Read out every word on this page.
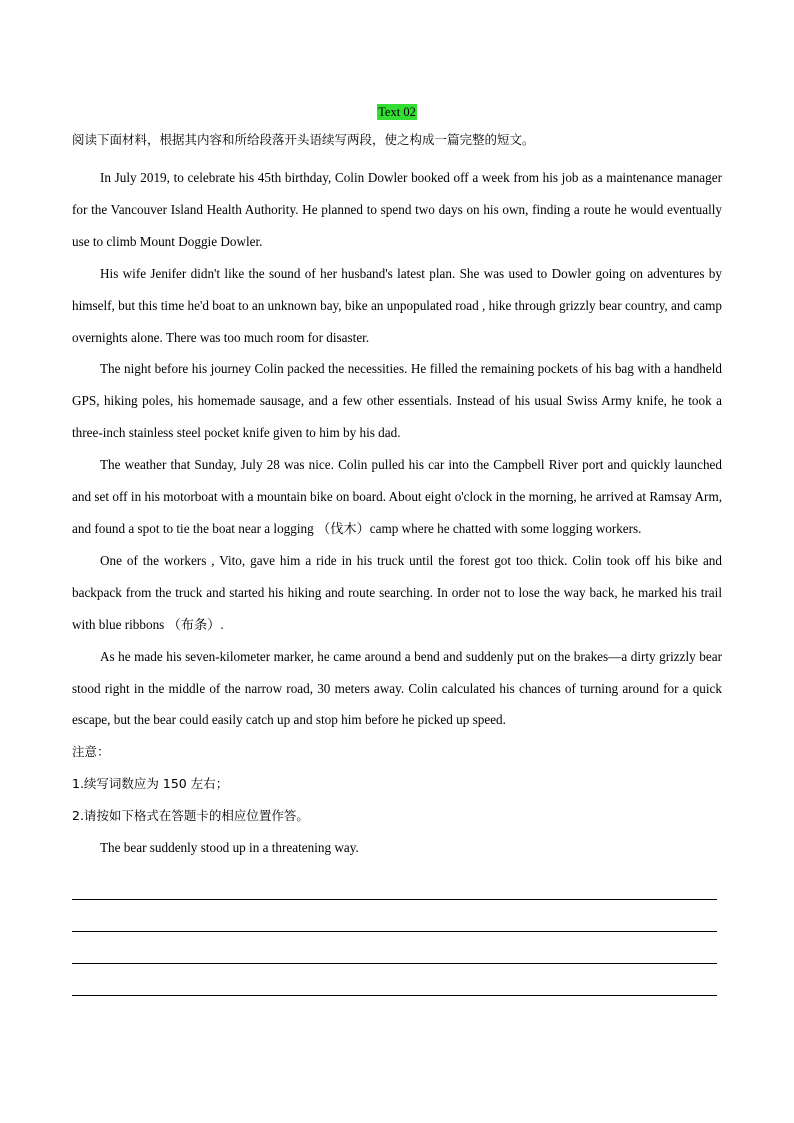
Text 02

阅读下面材料，根据其内容和所给段落开头语续写两段，使之构成一篇完整的短文。

In July 2019, to celebrate his 45th birthday, Colin Dowler booked off a week from his job as a maintenance manager for the Vancouver Island Health Authority. He planned to spend two days on his own, finding a route he would eventually use to climb Mount Doggie Dowler.

His wife Jenifer didn't like the sound of her husband's latest plan. She was used to Dowler going on adventures by himself, but this time he'd boat to an unknown bay, bike an unpopulated road , hike through grizzly bear country, and camp overnights alone. There was too much room for disaster.

The night before his journey Colin packed the necessities. He filled the remaining pockets of his bag with a handheld GPS, hiking poles, his homemade sausage, and a few other essentials. Instead of his usual Swiss Army knife, he took a three-inch stainless steel pocket knife given to him by his dad.

The weather that Sunday, July 28 was nice. Colin pulled his car into the Campbell River port and quickly launched and set off in his motorboat with a mountain bike on board. About eight o'clock in the morning, he arrived at Ramsay Arm, and found a spot to tie the boat near a logging （伐木）camp where he chatted with some logging workers.

One of the workers , Vito, gave him a ride in his truck until the forest got too thick. Colin took off his bike and backpack from the truck and started his hiking and route searching. In order not to lose the way back, he marked his trail with blue ribbons （布条）.

As he made his seven-kilometer marker, he came around a bend and suddenly put on the brakes—a dirty grizzly bear stood right in the middle of the narrow road, 30 meters away. Colin calculated his chances of turning around for a quick escape, but the bear could easily catch up and stop him before he picked up speed.

注意：

1.续写词数应为 150 左右；

2.请按如下格式在答题卡的相应位置作答。

The bear suddenly stood up in a threatening way.
